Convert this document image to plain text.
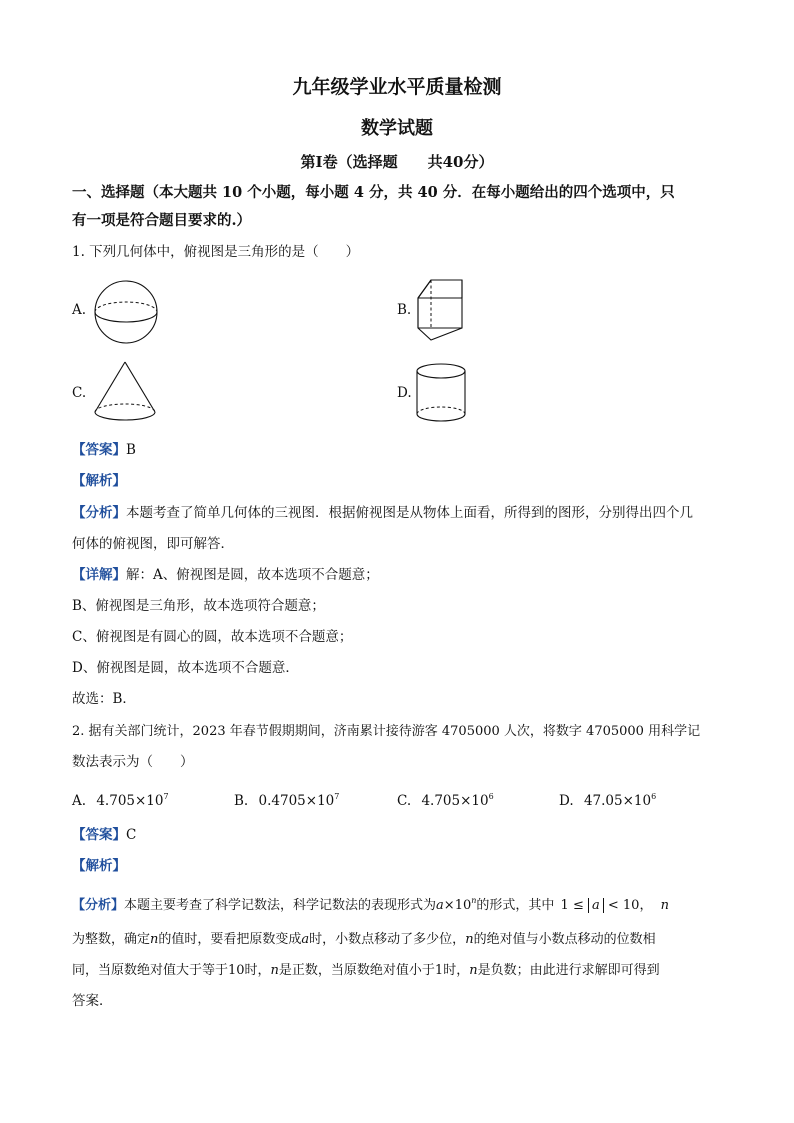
九年级学业水平质量检测
数学试题
第Ⅰ卷（选择题　　共40分）
一、选择题（本大题共 10 个小题，每小题 4 分，共 40 分．在每小题给出的四个选项中，只
有一项是符合题目要求的.）
1. 下列几何体中，俯视图是三角形的是（　　）
A.	B.
C.	D.
【答案】B
【解析】
【分析】本题考查了简单几何体的三视图．根据俯视图是从物体上面看，所得到的图形，分别得出四个几
何体的俯视图，即可解答．
【详解】解：A、俯视图是圆，故本选项不合题意；
B、俯视图是三角形，故本选项符合题意；
C、俯视图是有圆心的圆，故本选项不合题意；
D、俯视图是圆，故本选项不合题意．
故选：B．
2. 据有关部门统计，2023 年春节假期期间，济南累计接待游客 4705000 人次，将数字 4705000 用科学记
数法表示为（　　）
A. $4.705\times 10^7$	B. $0.4705\times 10^7$	C. $4.705\times 10^6$	D. $47.05\times 10^6$
【答案】C
【解析】
【分析】本题主要考查了科学记数法，科学记数法的表现形式为$a\times 10^n$的形式，其中 1 ≤ a < 10， n
为整数，确定n的值时，要看把原数变成a时，小数点移动了多少位，n的绝对值与小数点移动的位数相
同，当原数绝对值大于等于10时，n是正数，当原数绝对值小于1时，n是负数；由此进行求解即可得到
答案．
